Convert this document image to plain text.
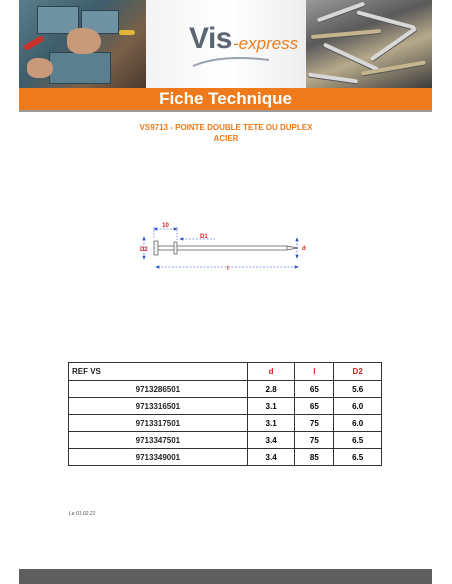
Vis -express
Fiche Technique
VS9713 - POINTE DOUBLE TETE OU DUPLEX
ACIER
10
D2
D1
d
l
REF VS	d	l	D2
9713286501	2.8	65	5.6
9713316501	3.1	65	6.0
9713317501	3.1	75	6.0
9713347501	3.4	75	6.5
9713349001	3.4	85	6.5
Le 01.02.21
